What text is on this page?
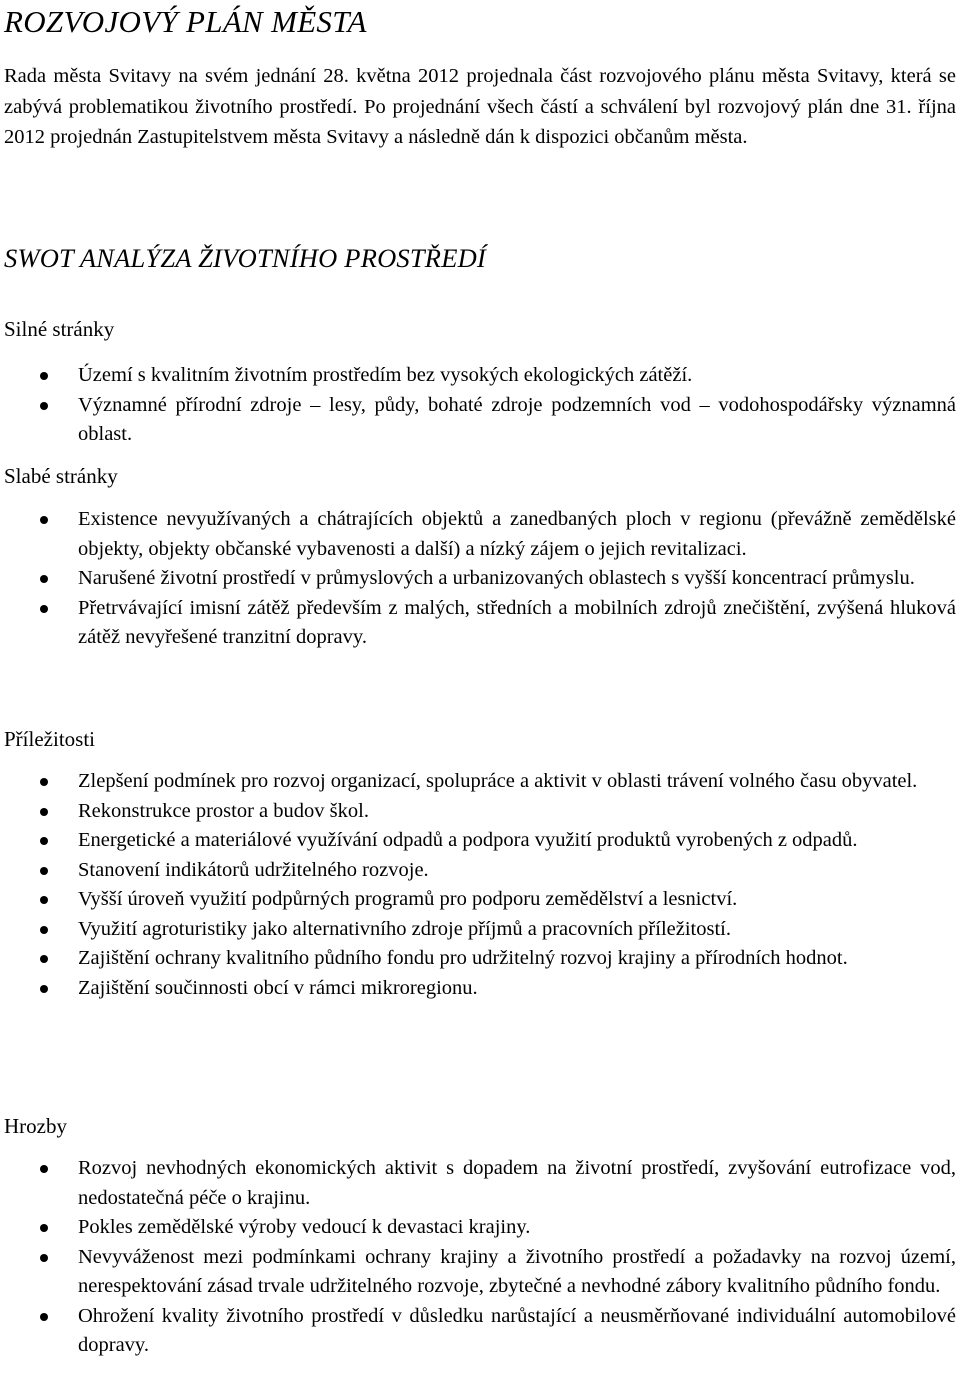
ROZVOJOVÝ PLÁN MĚSTA

Rada města Svitavy na svém jednání 28. května 2012 projednala část rozvojového plánu města Svitavy, která se zabývá problematikou životního prostředí. Po projednání všech částí a schválení byl rozvojový plán dne 31. října 2012 projednán Zastupitelstvem města Svitavy a následně dán k dispozici občanům města.

SWOT ANALÝZA ŽIVOTNÍHO PROSTŘEDÍ
Silné stránky
Území s kvalitním životním prostředím bez vysokých ekologických zátěží.
Významné přírodní zdroje – lesy, půdy, bohaté zdroje podzemních vod – vodohospodářsky významná oblast.
Slabé stránky
Existence nevyužívaných a chátrajících objektů a zanedbaných ploch v regionu (převážně zemědělské objekty, objekty občanské vybavenosti a další) a nízký zájem o jejich revitalizaci.
Narušené životní prostředí v průmyslových a urbanizovaných oblastech s vyšší koncentrací průmyslu.
Přetrvávající imisní zátěž především z malých, středních a mobilních zdrojů znečištění, zvýšená hluková zátěž nevyřešené tranzitní dopravy.
Příležitosti
Zlepšení podmínek pro rozvoj organizací, spolupráce a aktivit v oblasti trávení volného času obyvatel.
Rekonstrukce prostor a budov škol.
Energetické a materiálové využívání odpadů a podpora využití produktů vyrobených z odpadů.
Stanovení indikátorů udržitelného rozvoje.
Vyšší úroveň využití podpůrných programů pro podporu zemědělství a lesnictví.
Využití agroturistiky jako alternativního zdroje příjmů a pracovních příležitostí.
Zajištění ochrany kvalitního půdního fondu pro udržitelný rozvoj krajiny a přírodních hodnot.
Zajištění součinnosti obcí v rámci mikroregionu.
Hrozby
Rozvoj nevhodných ekonomických aktivit s dopadem na životní prostředí, zvyšování eutrofizace vod, nedostatečná péče o krajinu.
Pokles zemědělské výroby vedoucí k devastaci krajiny.
Nevyváženost mezi podmínkami ochrany krajiny a životního prostředí a požadavky na rozvoj území, nerespektování zásad trvale udržitelného rozvoje, zbytečné a nevhodné zábory kvalitního půdního fondu.
Ohrožení kvality životního prostředí v důsledku narůstající a neusměrňované individuální automobilové dopravy.
